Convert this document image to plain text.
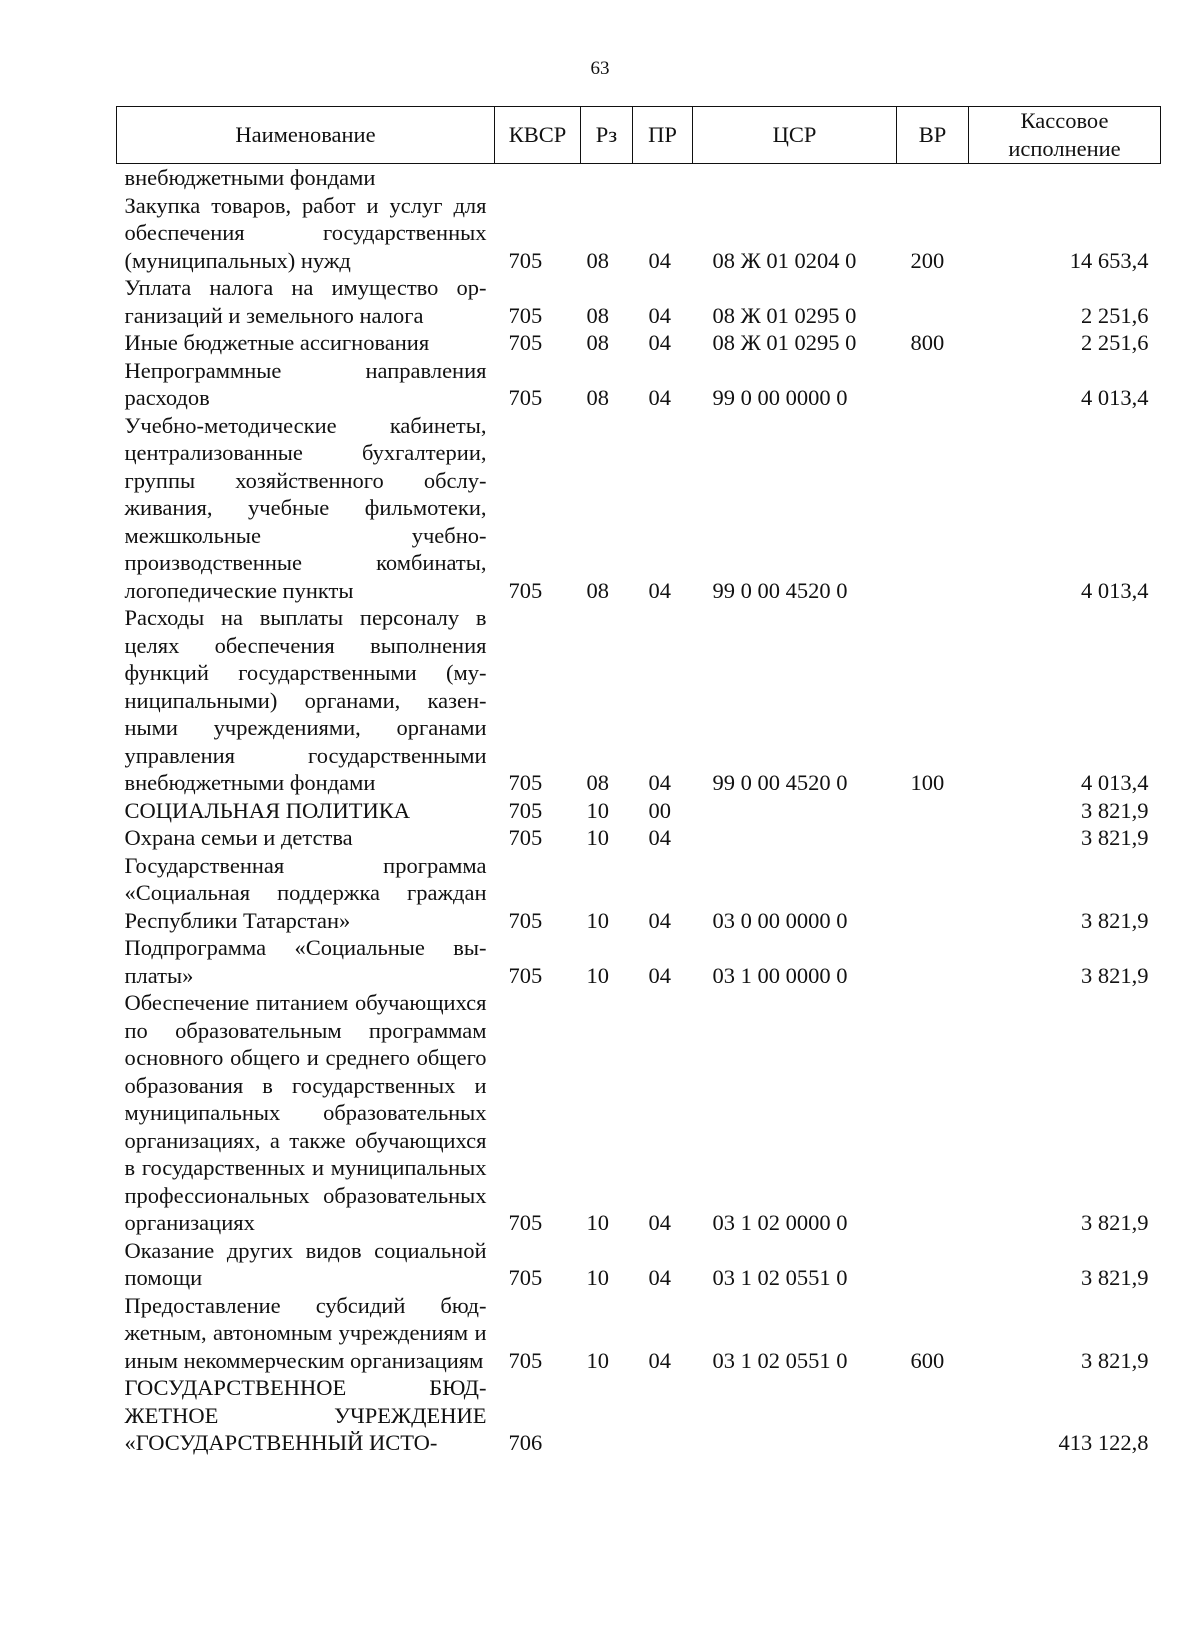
63
Наименование	КВСР	Рз	ПР	ЦСР	ВР	Кассовое исполнение
внебюджетными фондами						
Закупка товаров, работ и услуг для обеспечения государственных (муниципальных) нужд	705	08	04	08 Ж 01 0204 0	200	14 653,4
Уплата налога на имущество организаций и земельного налога	705	08	04	08 Ж 01 0295 0		2 251,6
Иные бюджетные ассигнования	705	08	04	08 Ж 01 0295 0	800	2 251,6
Непрограммные направления расходов	705	08	04	99 0 00 0000 0		4 013,4
Учебно-методические кабинеты, централизованные бухгалтерии, группы хозяйственного обслуживания, учебные фильмотеки, межшкольные учебно-производственные комбинаты, логопедические пункты	705	08	04	99 0 00 4520 0		4 013,4
Расходы на выплаты персоналу в целях обеспечения выполнения функций государственными (муниципальными) органами, казенными учреждениями, органами управления государственными внебюджетными фондами	705	08	04	99 0 00 4520 0	100	4 013,4
СОЦИАЛЬНАЯ ПОЛИТИКА	705	10	00			3 821,9
Охрана семьи и детства	705	10	04			3 821,9
Государственная программа «Социальная поддержка граждан Республики Татарстан»	705	10	04	03 0 00 0000 0		3 821,9
Подпрограмма «Социальные выплаты»	705	10	04	03 1 00 0000 0		3 821,9
Обеспечение питанием обучающихся по образовательным программам основного общего и среднего общего образования в государственных и муниципальных образовательных организациях, а также обучающихся в государственных и муниципальных профессиональных образовательных организациях	705	10	04	03 1 02 0000 0		3 821,9
Оказание других видов социальной помощи	705	10	04	03 1 02 0551 0		3 821,9
Предоставление субсидий бюджетным, автономным учреждениям и иным некоммерческим организациям	705	10	04	03 1 02 0551 0	600	3 821,9
ГОСУДАРСТВЕННОЕ БЮДЖЕТНОЕ УЧРЕЖДЕНИЕ «ГОСУДАРСТВЕННЫЙ ИСТО-	706					413 122,8
